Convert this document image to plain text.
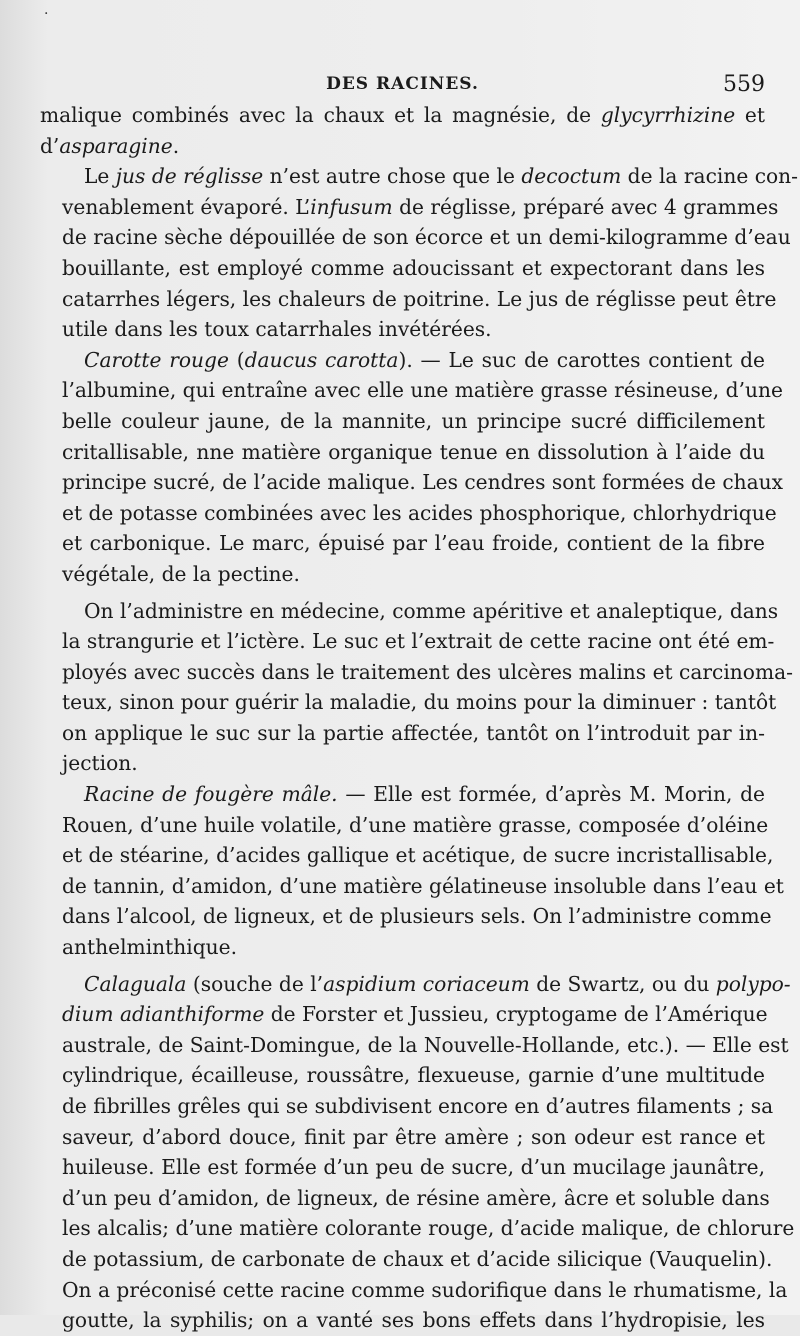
·
DES RACINES.	559

malique combinés avec la chaux et la magnésie, de glycyrrhizine et
d’asparagine.

Le jus de réglisse n’est autre chose que le decoctum de la racine con-
venablement évaporé. L’infusum de réglisse, préparé avec 4 grammes
de racine sèche dépouillée de son écorce et un demi-kilogramme d’eau
bouillante, est employé comme adoucissant et expectorant dans les
catarrhes légers, les chaleurs de poitrine. Le jus de réglisse peut être
utile dans les toux catarrhales invétérées.

Carotte rouge (daucus carotta). — Le suc de carottes contient de
l’albumine, qui entraîne avec elle une matière grasse résineuse, d’une
belle couleur jaune, de la mannite, un principe sucré difficilement
critallisable, nne matière organique tenue en dissolution à l’aide du
principe sucré, de l’acide malique. Les cendres sont formées de chaux
et de potasse combinées avec les acides phosphorique, chlorhydrique
et carbonique. Le marc, épuisé par l’eau froide, contient de la fibre
végétale, de la pectine.

On l’administre en médecine, comme apéritive et analeptique, dans
la strangurie et l’ictère. Le suc et l’extrait de cette racine ont été em-
ployés avec succès dans le traitement des ulcères malins et carcinoma-
teux, sinon pour guérir la maladie, du moins pour la diminuer : tantôt
on applique le suc sur la partie affectée, tantôt on l’introduit par in-
jection.

Racine de fougère mâle. — Elle est formée, d’après M. Morin, de
Rouen, d’une huile volatile, d’une matière grasse, composée d’oléine
et de stéarine, d’acides gallique et acétique, de sucre incristallisable,
de tannin, d’amidon, d’une matière gélatineuse insoluble dans l’eau et
dans l’alcool, de ligneux, et de plusieurs sels. On l’administre comme
anthelminthique.

Calaguala (souche de l’aspidium coriaceum de Swartz, ou du polypo-
dium adianthiforme de Forster et Jussieu, cryptogame de l’Amérique
australe, de Saint-Domingue, de la Nouvelle-Hollande, etc.). — Elle est
cylindrique, écailleuse, roussâtre, flexueuse, garnie d’une multitude
de fibrilles grêles qui se subdivisent encore en d’autres filaments ; sa
saveur, d’abord douce, finit par être amère ; son odeur est rance et
huileuse. Elle est formée d’un peu de sucre, d’un mucilage jaunâtre,
d’un peu d’amidon, de ligneux, de résine amère, âcre et soluble dans
les alcalis; d’une matière colorante rouge, d’acide malique, de chlorure
de potassium, de carbonate de chaux et d’acide silicique (Vauquelin).
On a préconisé cette racine comme sudorifique dans le rhumatisme, la
goutte, la syphilis; on a vanté ses bons effets dans l’hydropisie, les
